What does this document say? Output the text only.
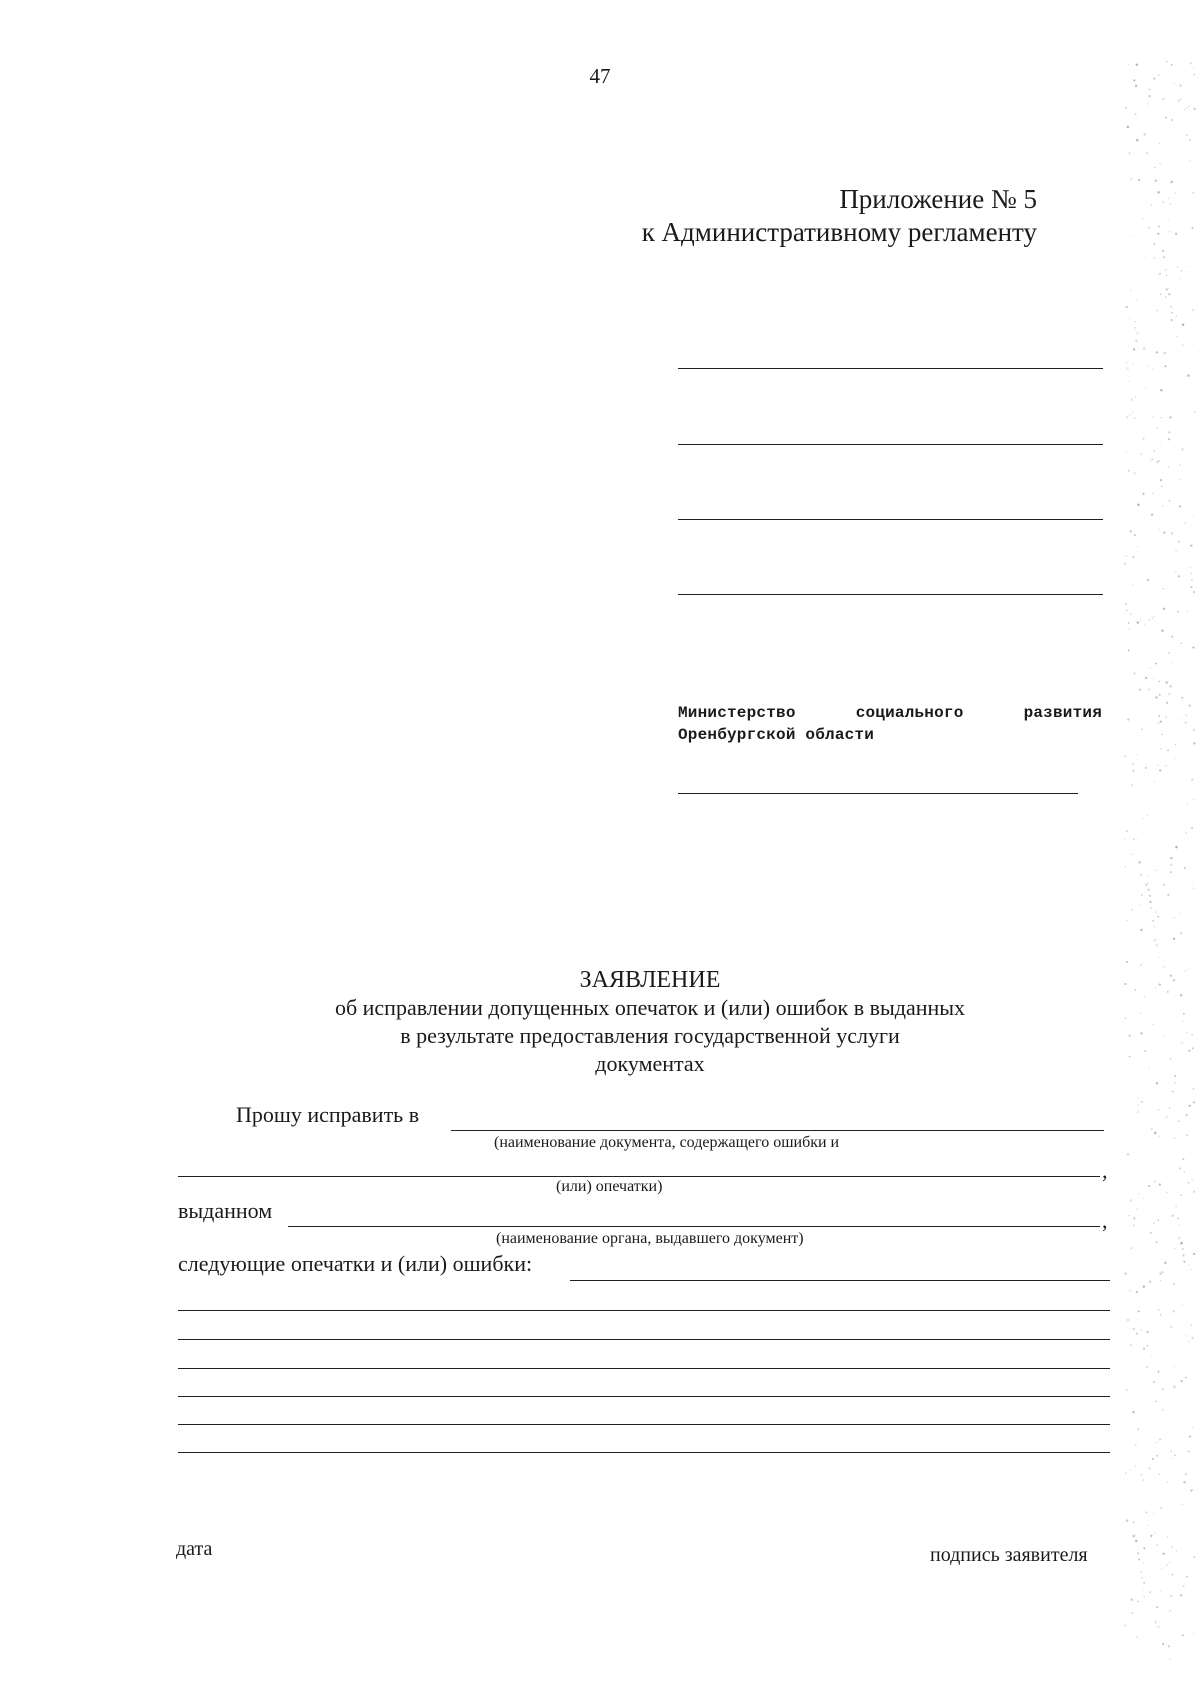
47
Приложение № 5
к Административному регламенту
Министерство	социального	развития
Оренбургской области
ЗАЯВЛЕНИЕ
об исправлении допущенных опечаток и (или) ошибок в выданных
в результате предоставления государственной услуги
документах
Прошу исправить в
(наименование документа, содержащего ошибки и
,
(или) опечатки)
выданном	,
(наименование органа, выдавшего документ)
следующие опечатки и (или) ошибки:
дата	подпись заявителя
